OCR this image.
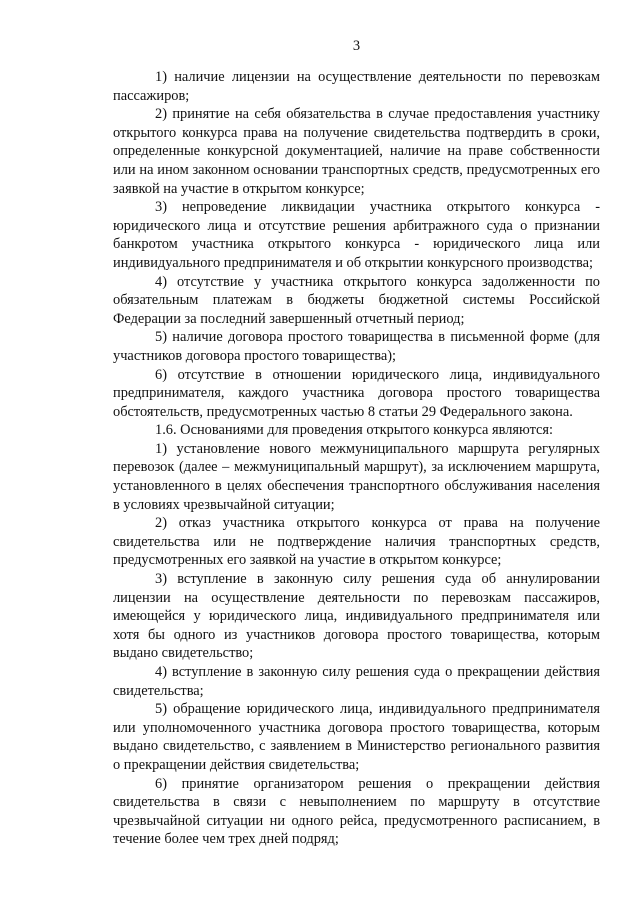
3

1) наличие лицензии на осуществление деятельности по перевозкам пассажиров;

2) принятие на себя обязательства в случае предоставления участнику открытого конкурса права на получение свидетельства подтвердить в сроки, определенные конкурсной документацией, наличие на праве собственности или на ином законном основании транспортных средств, предусмотренных его заявкой на участие в открытом конкурсе;

3) непроведение ликвидации участника открытого конкурса - юридического лица и отсутствие решения арбитражного суда о признании банкротом участника открытого конкурса - юридического лица или индивидуального предпринимателя и об открытии конкурсного производства;

4) отсутствие у участника открытого конкурса задолженности по обязательным платежам в бюджеты бюджетной системы Российской Федерации за последний завершенный отчетный период;

5) наличие договора простого товарищества в письменной форме (для участников договора простого товарищества);

6) отсутствие в отношении юридического лица, индивидуального предпринимателя, каждого участника договора простого товарищества обстоятельств, предусмотренных частью 8 статьи 29 Федерального закона.

1.6. Основаниями для проведения открытого конкурса являются:

1) установление нового межмуниципального маршрута регулярных перевозок (далее – межмуниципальный маршрут), за исключением маршрута, установленного в целях обеспечения транспортного обслуживания населения в условиях чрезвычайной ситуации;

2) отказ участника открытого конкурса от права на получение свидетельства или не подтверждение наличия транспортных средств, предусмотренных его заявкой на участие в открытом конкурсе;

3) вступление в законную силу решения суда об аннулировании лицензии на осуществление деятельности по перевозкам пассажиров, имеющейся у юридического лица, индивидуального предпринимателя или хотя бы одного из участников договора простого товарищества, которым выдано свидетельство;

4) вступление в законную силу решения суда о прекращении действия свидетельства;

5) обращение юридического лица, индивидуального предпринимателя или уполномоченного участника договора простого товарищества, которым выдано свидетельство, с заявлением в Министерство регионального развития о прекращении действия свидетельства;

6) принятие организатором решения о прекращении действия свидетельства в связи с невыполнением по маршруту в отсутствие чрезвычайной ситуации ни одного рейса, предусмотренного расписанием, в течение более чем трех дней подряд;
